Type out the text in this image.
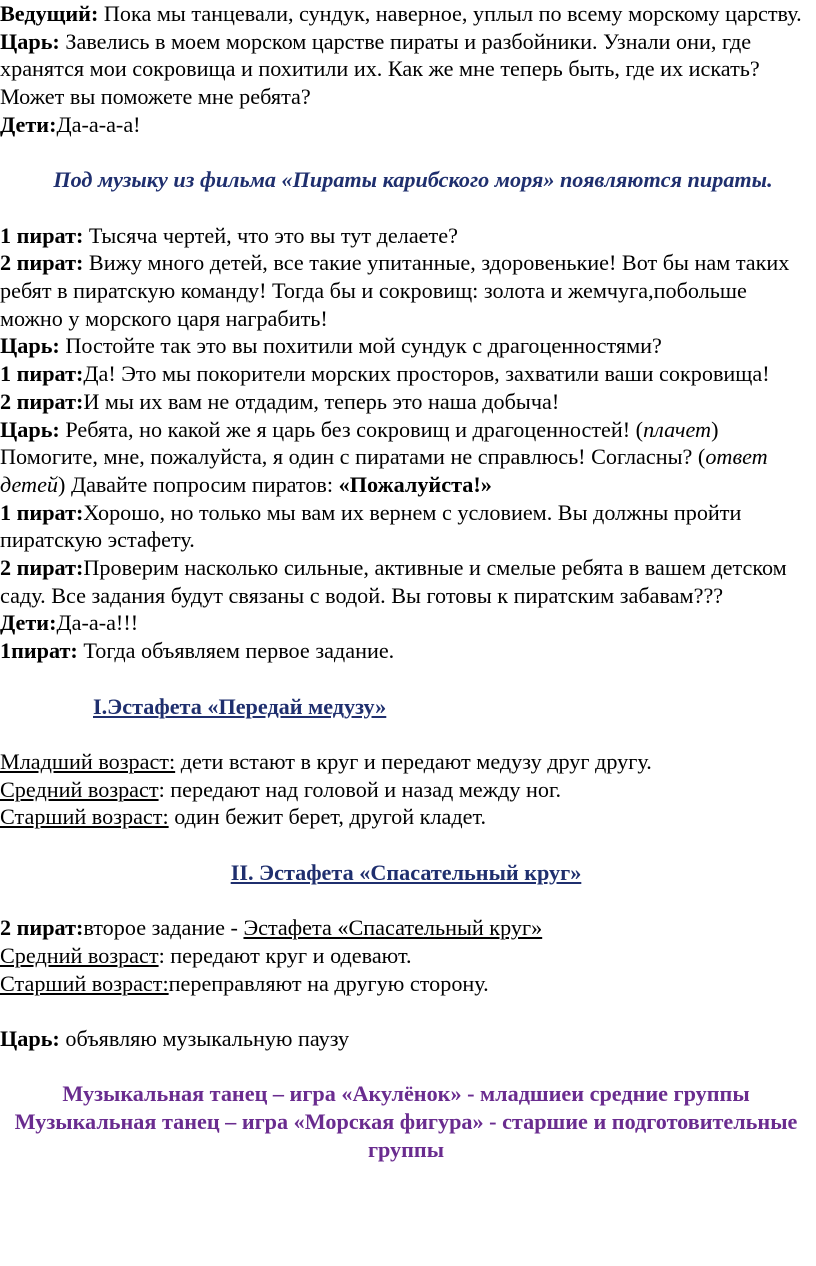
Ведущий: Пока мы танцевали, сундук, наверное, уплыл по всему морскому царству.

Царь: Завелись в моем морском царстве пираты и разбойники. Узнали они, где хранятся мои сокровища и похитили их. Как же мне теперь быть, где их искать? Может вы поможете мне ребята?

Дети:Да-а-а-а!

Под музыку из фильма «Пираты карибского моря» появляются пираты.

1 пират: Тысяча чертей, что это вы тут делаете?

2 пират: Вижу много детей, все такие упитанные, здоровенькие! Вот бы нам таких ребят в пиратскую команду! Тогда бы и сокровищ: золота и жемчуга,побольше можно у морского царя награбить!

Царь: Постойте так это вы похитили мой сундук с драгоценностями?

1 пират:Да! Это мы покорители морских просторов, захватили ваши сокровища!

2 пират:И мы их вам не отдадим, теперь это наша добыча!

Царь: Ребята, но какой же я царь без сокровищ и драгоценностей! (плачет) Помогите, мне, пожалуйста, я один с пиратами не справлюсь! Согласны? (ответ детей) Давайте попросим пиратов: «Пожалуйста!»

1 пират:Хорошо, но только мы вам их вернем с условием. Вы должны пройти пиратскую эстафету.

2 пират:Проверим насколько сильные, активные и смелые ребята в вашем детском саду. Все задания будут связаны с водой. Вы готовы к пиратским забавам???

Дети:Да-а-а!!!

1пират: Тогда объявляем первое задание.

I.Эстафета «Передай медузу»

Младший возраст: дети встают в круг и передают медузу друг другу.

Средний возраст: передают над головой и назад между ног.

Старший возраст: один бежит берет, другой кладет.

II. Эстафета «Спасательный круг»

2 пират:второе задание - Эстафета «Спасательный круг»

Средний возраст: передают круг и одевают.

Старший возраст:переправляют на другую сторону.

Царь: объявляю музыкальную паузу

Музыкальная танец – игра «Акулёнок» - младшиеи средние группы

Музыкальная танец – игра «Морская фигура» - старшие и подготовительные группы
